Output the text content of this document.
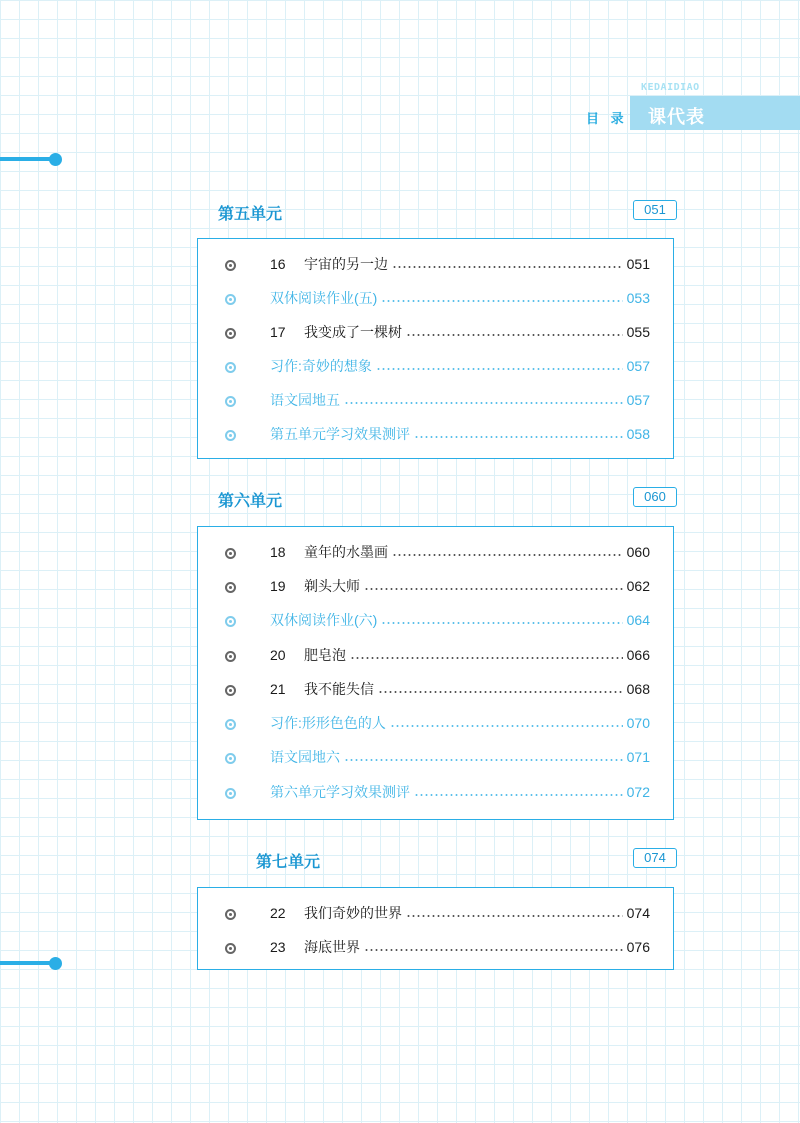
KEDAIDIAO
目 录 课代表
第五单元	051
16	宇宙的另一边	051
双休阅读作业(五)	053
17	我变成了一棵树	055
习作:奇妙的想象	057
语文园地五	057
第五单元学习效果测评	058
第六单元	060
18	童年的水墨画	060
19	剃头大师	062
双休阅读作业(六)	064
20	肥皂泡	066
21	我不能失信	068
习作:形形色色的人	070
语文园地六	071
第六单元学习效果测评	072
第七单元	074
22	我们奇妙的世界	074
23	海底世界	076
